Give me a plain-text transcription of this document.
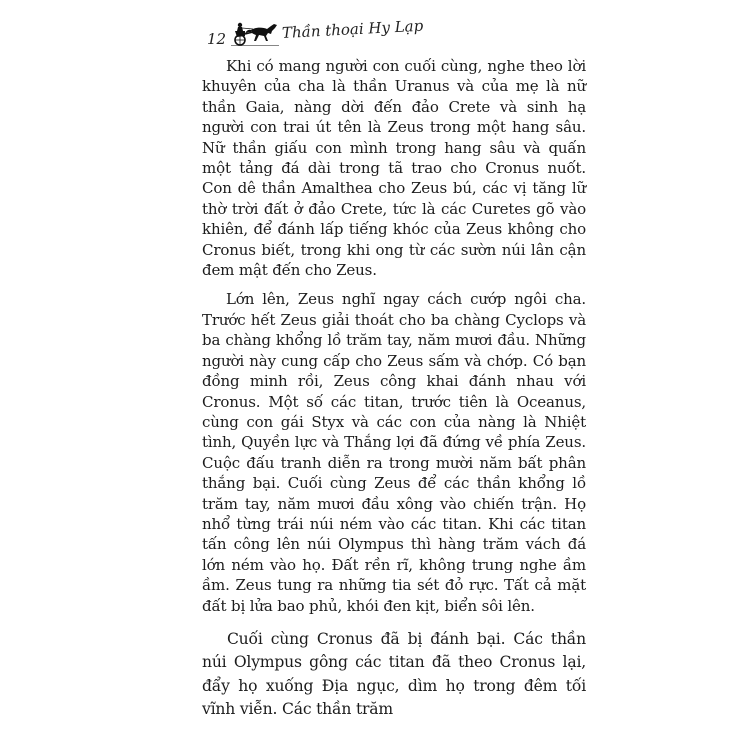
12	Thần thoại Hy Lạp

Khi có mang người con cuối cùng, nghe theo lời khuyên của cha là thần Uranus và của mẹ là nữ thần Gaia, nàng dời đến đảo Crete và sinh hạ người con trai út tên là Zeus trong một hang sâu. Nữ thần giấu con mình trong hang sâu và quấn một tảng đá dài trong tã trao cho Cronus nuốt. Con dê thần Amalthea cho Zeus bú, các vị tăng lữ thờ trời đất ở đảo Crete, tức là các Curetes gõ vào khiên, để đánh lấp tiếng khóc của Zeus không cho Cronus biết, trong khi ong từ các sườn núi lân cận đem mật đến cho Zeus.

Lớn lên, Zeus nghĩ ngay cách cướp ngôi cha. Trước hết Zeus giải thoát cho ba chàng Cyclops và ba chàng khổng lồ trăm tay, năm mươi đầu. Những người này cung cấp cho Zeus sấm và chớp. Có bạn đồng minh rồi, Zeus công khai đánh nhau với Cronus. Một số các titan, trước tiên là Oceanus, cùng con gái Styx và các con của nàng là Nhiệt tình, Quyền lực và Thắng lợi đã đứng về phía Zeus. Cuộc đấu tranh diễn ra trong mười năm bất phân thắng bại. Cuối cùng Zeus để các thần khổng lồ trăm tay, năm mươi đầu xông vào chiến trận. Họ nhổ từng trái núi ném vào các titan. Khi các titan tấn công lên núi Olympus thì hàng trăm vách đá lớn ném vào họ. Đất rền rĩ, không trung nghe ầm ầm. Zeus tung ra những tia sét đỏ rực. Tất cả mặt đất bị lửa bao phủ, khói đen kịt, biển sôi lên.

Cuối cùng Cronus đã bị đánh bại. Các thần núi Olympus gông các titan đã theo Cronus lại, đẩy họ xuống Địa ngục, dìm họ trong đêm tối vĩnh viễn. Các thần trăm
